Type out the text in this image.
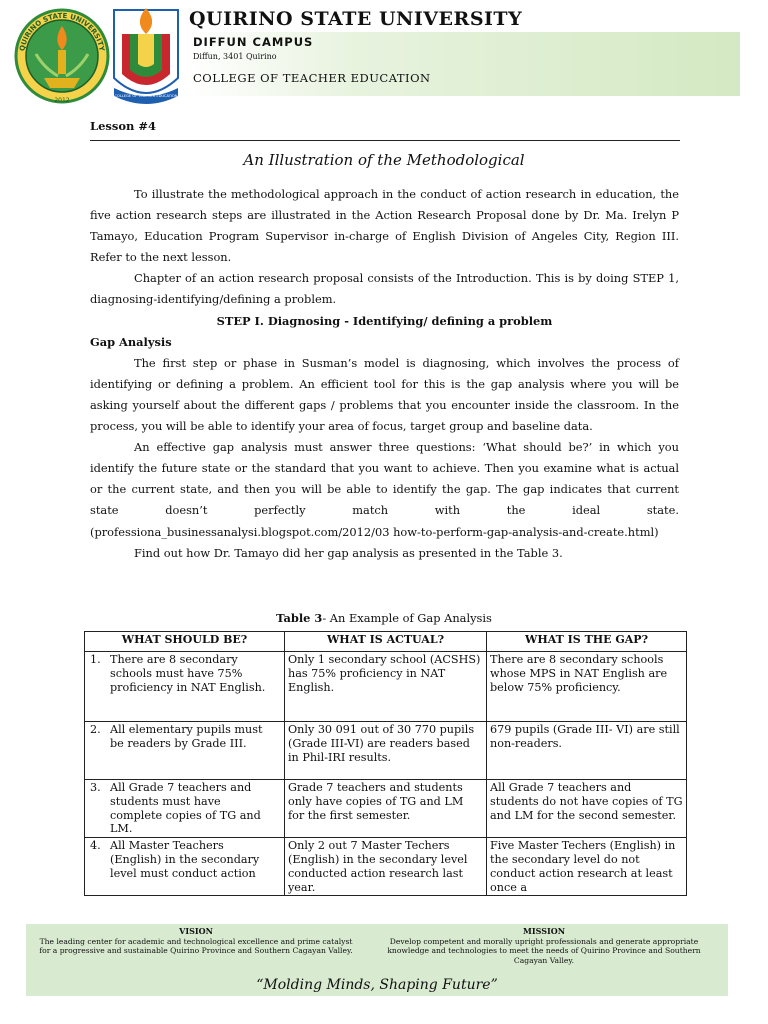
2012
QUIRINO STATE UNIVERSITY
COLLEGE OF TEACHER EDUCATION
QUIRINO STATE UNIVERSITY
DIFFUN CAMPUS
Diffun, 3401 Quirino
COLLEGE OF TEACHER EDUCATION
Lesson #4
An Illustration of the Methodological

To illustrate the methodological approach in the conduct of action research in education, the five action research steps are illustrated in the Action Research Proposal done by Dr. Ma. Irelyn P Tamayo, Education Program Supervisor in-charge of English Division of Angeles City, Region III. Refer to the next lesson.

Chapter of an action research proposal consists of the Introduction. This is by doing STEP 1, diagnosing-identifying/defining a problem.

STEP I. Diagnosing - Identifying/ defining a problem

Gap Analysis

The first step or phase in Susman’s model is diagnosing, which involves the process of identifying or defining a problem. An efficient tool for this is the gap analysis where you will be asking yourself about the different gaps / problems that you encounter inside the classroom. In the process, you will be able to identify your area of focus, target group and baseline data.

An effective gap analysis must answer three questions: ‘What should be?’ in which you identify the future state or the standard that you want to achieve. Then you examine what is actual or the current state, and then you will be able to identify the gap. The gap indicates that current state doesn’t perfectly match with the ideal state. (professiona_businessanalysi.blogspot.com/2012/03 how-to-perform-gap-analysis-and-create.html)

Find out how Dr. Tamayo did her gap analysis as presented in the Table 3.

Table 3- An Example of Gap Analysis
WHAT SHOULD BE?	WHAT IS ACTUAL?	WHAT IS THE GAP?
1. There are 8 secondary schools must have 75% proficiency in NAT English.	Only 1 secondary school (ACSHS) has 75% proficiency in NAT English.	There are 8 secondary schools whose MPS in NAT English are below 75% proficiency.
2. All elementary pupils must be readers by Grade III.	Only 30 091 out of 30 770 pupils (Grade III-VI) are readers based in Phil-IRI results.	679 pupils (Grade III- VI) are still non-readers.
3. All Grade 7 teachers and students must have complete copies of TG and LM.	Grade 7 teachers and students only have copies of TG and LM for the first semester.	All Grade 7 teachers and students do not have copies of TG and LM for the second semester.
4. All Master Teachers (English) in the secondary level must conduct action	Only 2 out 7 Master Techers (English) in the secondary level conducted action research last year.	Five Master Techers (English) in the secondary level do not conduct action research at least once a
VISION
The leading center for academic and technological excellence and prime catalyst for a progressive and sustainable Quirino Province and Southern Cagayan Valley.
MISSION
Develop competent and morally upright professionals and generate appropriate knowledge and technologies to meet the needs of Quirino Province and Southern Cagayan Valley.
“Molding Minds, Shaping Future”
